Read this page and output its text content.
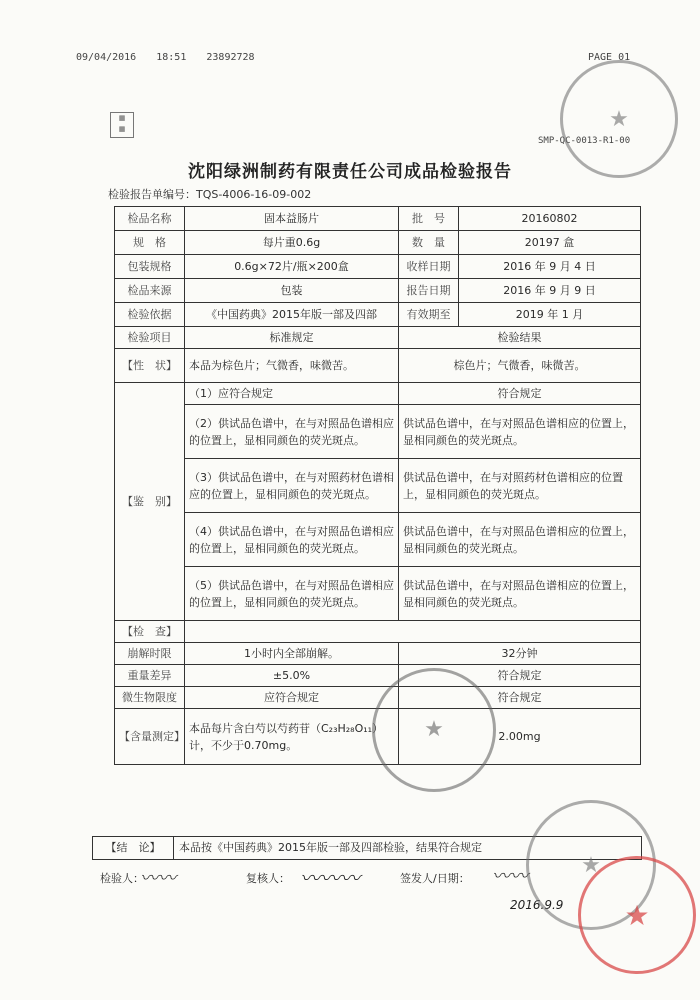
09/04/2016 18:51 23892728	PAGE 01
▦
▦
SMP-QC-0013-R1-00
沈阳绿洲制药有限责任公司成品检验报告
检验报告单编号：TQS-4006-16-09-002
检品名称	固本益肠片	批　号	20160802
规　格	每片重0.6g	数　量	20197 盒
包装规格	0.6g×72片/瓶×200盒	收样日期	2016 年 9 月 4 日
检品来源	包装	报告日期	2016 年 9 月 9 日
检验依据	《中国药典》2015年版一部及四部	有效期至	2019 年 1 月
检验项目	标准规定	检验结果	
【性　状】	本品为棕色片；气微香，味微苦。	棕色片；气微香，味微苦。	
【鉴　别】	（1）应符合规定	符合规定	
	（2）供试品色谱中，在与对照品色谱相应的位置上，显相同颜色的荧光斑点。	供试品色谱中，在与对照品色谱相应的位置上，显相同颜色的荧光斑点。	
	（3）供试品色谱中，在与对照药材色谱相应的位置上，显相同颜色的荧光斑点。	供试品色谱中，在与对照药材色谱相应的位置上，显相同颜色的荧光斑点。	
	（4）供试品色谱中，在与对照品色谱相应的位置上，显相同颜色的荧光斑点。	供试品色谱中，在与对照品色谱相应的位置上，显相同颜色的荧光斑点。	
	（5）供试品色谱中，在与对照品色谱相应的位置上，显相同颜色的荧光斑点。	供试品色谱中，在与对照品色谱相应的位置上，显相同颜色的荧光斑点。	
【检　查】			
崩解时限	1小时内全部崩解。	32分钟	
重量差异	±5.0%	符合规定	
微生物限度	应符合规定	符合规定	
【含量测定】	本品每片含白芍以芍药苷（C₂₃H₂₈O₁₁）计，不少于0.70mg。	2.00mg	
【结　论】	本品按《中国药典》2015年版一部及四部检验，结果符合规定
检验人：
〰〰	复核人： 〰〰〰	签发人/日期： 〰〰
2016.9.9
★
★
★
★
